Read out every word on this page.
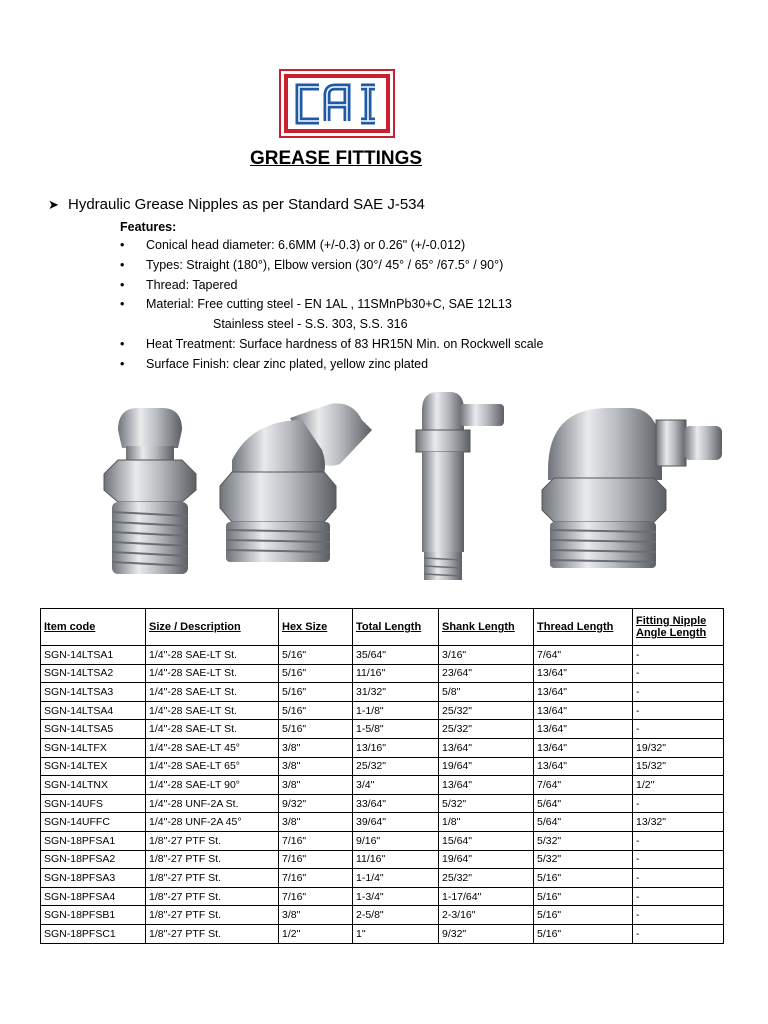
GREASE FITTINGS
➤ Hydraulic Grease Nipples as per Standard SAE J-534
Features:
• Conical head diameter: 6.6MM (+/-0.3) or 0.26" (+/-0.012)
• Types: Straight (180°), Elbow version (30°/ 45° / 65° /67.5° / 90°)
• Thread: Tapered
• Material: Free cutting steel - EN 1AL , 11SMnPb30+C, SAE 12L13
Stainless steel - S.S. 303, S.S. 316
• Heat Treatment: Surface hardness of 83 HR15N Min. on Rockwell scale
• Surface Finish: clear zinc plated, yellow zinc plated
Item code	Size / Description	Hex Size	Total Length	Shank Length	Thread Length	Fitting Nipple Angle Length
SGN-14LTSA1	1/4"-28 SAE-LT St.	5/16"	35/64"	3/16"	7/64"	-
SGN-14LTSA2	1/4"-28 SAE-LT St.	5/16"	11/16"	23/64"	13/64"	-
SGN-14LTSA3	1/4"-28 SAE-LT St.	5/16"	31/32"	5/8"	13/64"	-
SGN-14LTSA4	1/4"-28 SAE-LT St.	5/16"	1-1/8"	25/32"	13/64"	-
SGN-14LTSA5	1/4"-28 SAE-LT St.	5/16"	1-5/8"	25/32"	13/64"	-
SGN-14LTFX	1/4"-28 SAE-LT 45°	3/8"	13/16"	13/64"	13/64"	19/32"
SGN-14LTEX	1/4"-28 SAE-LT 65°	3/8"	25/32"	19/64"	13/64"	15/32"
SGN-14LTNX	1/4"-28 SAE-LT 90°	3/8"	3/4"	13/64"	7/64"	1/2"
SGN-14UFS	1/4"-28 UNF-2A St.	9/32"	33/64"	5/32"	5/64"	-
SGN-14UFFC	1/4"-28 UNF-2A 45°	3/8"	39/64"	1/8"	5/64"	13/32"
SGN-18PFSA1	1/8"-27 PTF St.	7/16"	9/16"	15/64"	5/32"	-
SGN-18PFSA2	1/8"-27 PTF St.	7/16"	11/16"	19/64"	5/32"	-
SGN-18PFSA3	1/8"-27 PTF St.	7/16"	1-1/4"	25/32"	5/16"	-
SGN-18PFSA4	1/8"-27 PTF St.	7/16"	1-3/4"	1-17/64"	5/16"	-
SGN-18PFSB1	1/8"-27 PTF St.	3/8"	2-5/8"	2-3/16"	5/16"	-
SGN-18PFSC1	1/8"-27 PTF St.	1/2"	1"	9/32"	5/16"	-
